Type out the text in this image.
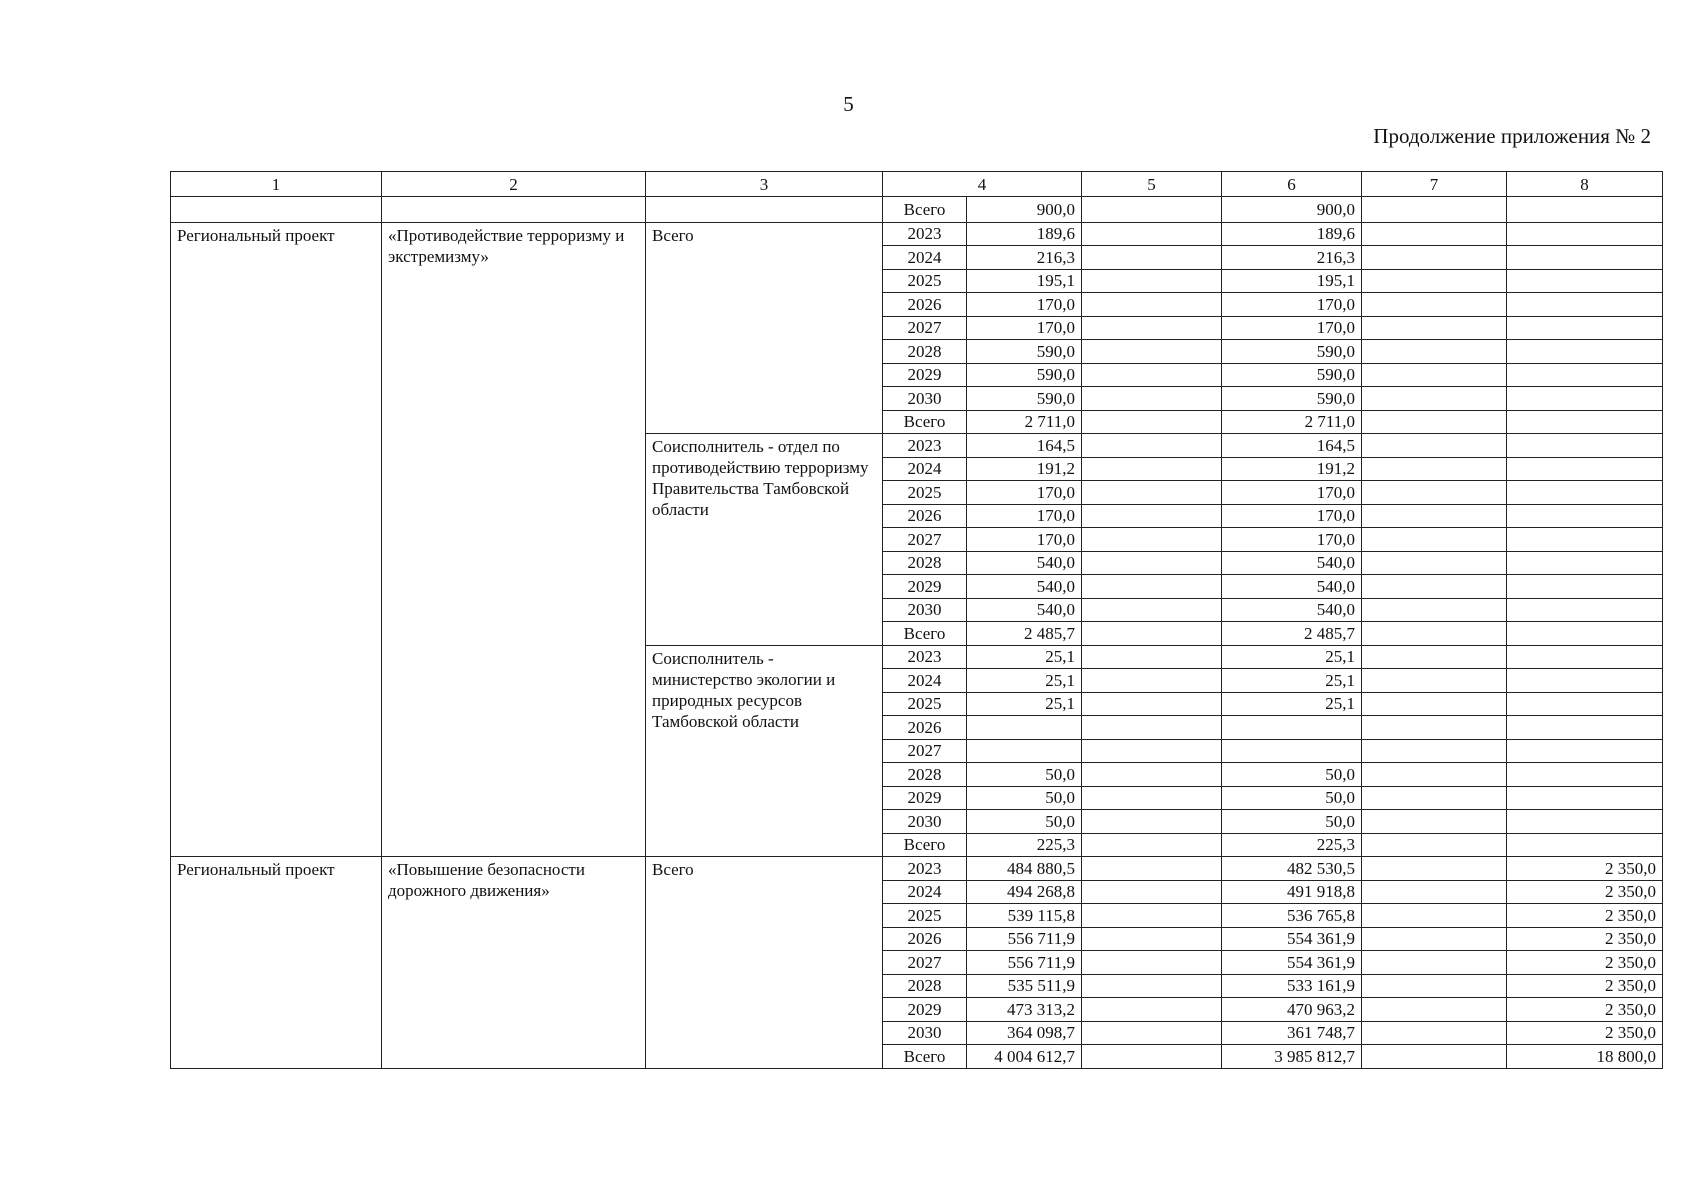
5
Продолжение приложения № 2
1	2	3	4		5	6	7	8
			Всего	900,0		900,0		
Региональный проект	«Противодействие терроризму и экстремизму»	Всего	2023	189,6		189,6		
			2024	216,3		216,3		
			2025	195,1		195,1		
			2026	170,0		170,0		
			2027	170,0		170,0		
			2028	590,0		590,0		
			2029	590,0		590,0		
			2030	590,0		590,0		
			Всего	2 711,0		2 711,0		
		Соисполнитель - отдел по противодействию терроризму Правительства Тамбовской области	2023	164,5		164,5		
			2024	191,2		191,2		
			2025	170,0		170,0		
			2026	170,0		170,0		
			2027	170,0		170,0		
			2028	540,0		540,0		
			2029	540,0		540,0		
			2030	540,0		540,0		
			Всего	2 485,7		2 485,7		
		Соисполнитель - министерство экологии и природных ресурсов Тамбовской области	2023	25,1		25,1		
			2024	25,1		25,1		
			2025	25,1		25,1		
			2026					
			2027					
			2028	50,0		50,0		
			2029	50,0		50,0		
			2030	50,0		50,0		
			Всего	225,3		225,3		
Региональный проект	«Повышение безопасности дорожного движения»	Всего	2023	484 880,5		482 530,5		2 350,0
			2024	494 268,8		491 918,8		2 350,0
			2025	539 115,8		536 765,8		2 350,0
			2026	556 711,9		554 361,9		2 350,0
			2027	556 711,9		554 361,9		2 350,0
			2028	535 511,9		533 161,9		2 350,0
			2029	473 313,2		470 963,2		2 350,0
			2030	364 098,7		361 748,7		2 350,0
			Всего	4 004 612,7		3 985 812,7		18 800,0
